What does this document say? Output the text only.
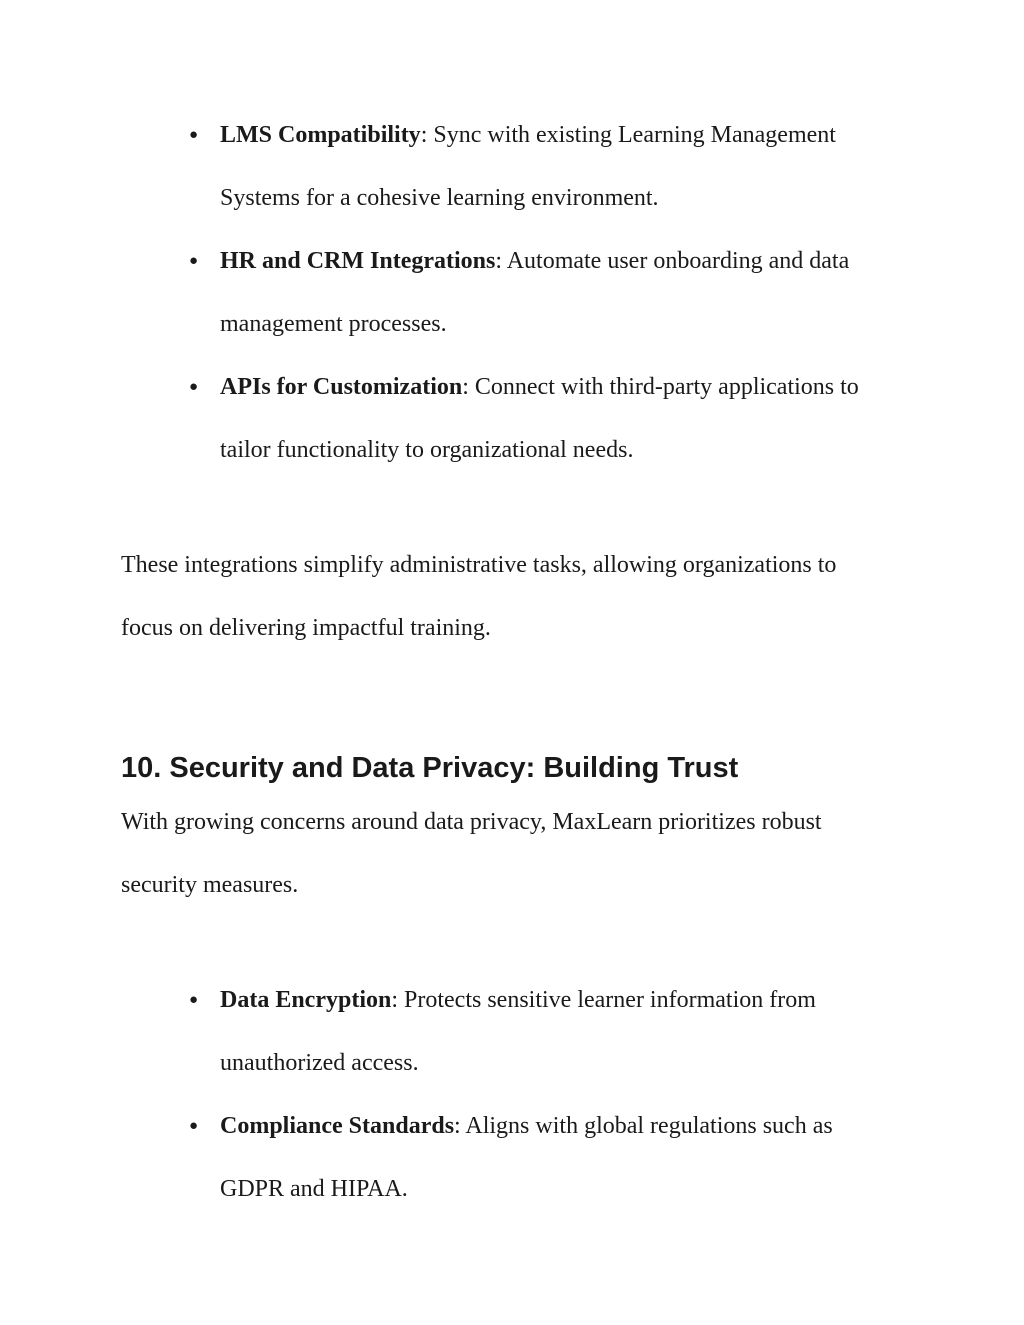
● LMS Compatibility: Sync with existing Learning Management Systems for a cohesive learning environment.
● HR and CRM Integrations: Automate user onboarding and data management processes.
● APIs for Customization: Connect with third-party applications to tailor functionality to organizational needs.

These integrations simplify administrative tasks, allowing organizations to focus on delivering impactful training.

10. Security and Data Privacy: Building Trust

With growing concerns around data privacy, MaxLearn prioritizes robust security measures.

● Data Encryption: Protects sensitive learner information from unauthorized access.
● Compliance Standards: Aligns with global regulations such as GDPR and HIPAA.
